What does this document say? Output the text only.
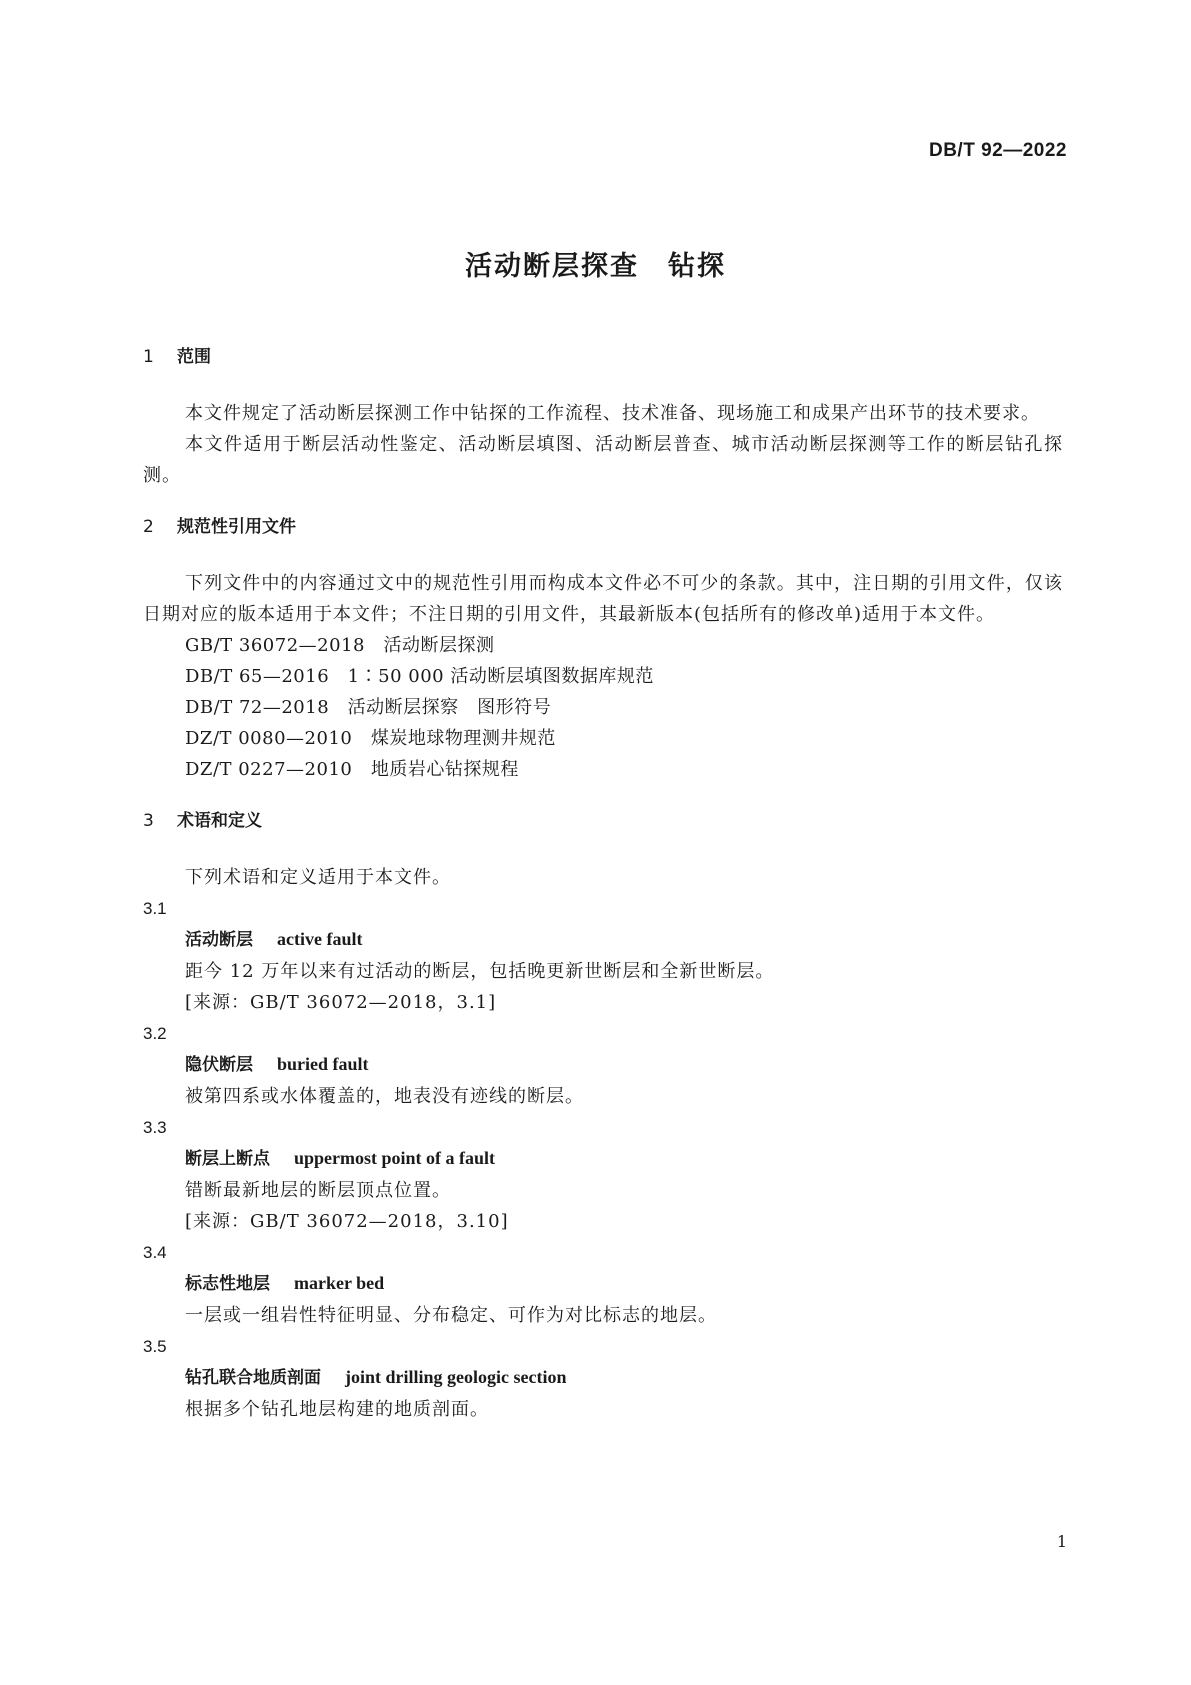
DB/T 92—2022

活动断层探查　钻探
1	范围

本文件规定了活动断层探测工作中钻探的工作流程、技术准备、现场施工和成果产出环节的技术要求。

本文件适用于断层活动性鉴定、活动断层填图、活动断层普查、城市活动断层探测等工作的断层钻孔探测。

2	规范性引用文件

下列文件中的内容通过文中的规范性引用而构成本文件必不可少的条款。其中，注日期的引用文件，仅该日期对应的版本适用于本文件；不注日期的引用文件，其最新版本(包括所有的修改单)适用于本文件。

GB/T 36072—2018　活动断层探测

DB/T 65—2016　1∶50 000 活动断层填图数据库规范

DB/T 72—2018　活动断层探察　图形符号

DZ/T 0080—2010　煤炭地球物理测井规范

DZ/T 0227—2010　地质岩心钻探规程

3	术语和定义

下列术语和定义适用于本文件。

3.1

活动断层 active fault

距今 12 万年以来有过活动的断层，包括晚更新世断层和全新世断层。

[来源：GB/T 36072—2018，3.1]

3.2

隐伏断层 buried fault

被第四系或水体覆盖的，地表没有迹线的断层。

3.3

断层上断点 uppermost point of a fault

错断最新地层的断层顶点位置。

[来源：GB/T 36072—2018，3.10]

3.4

标志性地层 marker bed

一层或一组岩性特征明显、分布稳定、可作为对比标志的地层。

3.5

钻孔联合地质剖面 joint drilling geologic section

根据多个钻孔地层构建的地质剖面。

1
